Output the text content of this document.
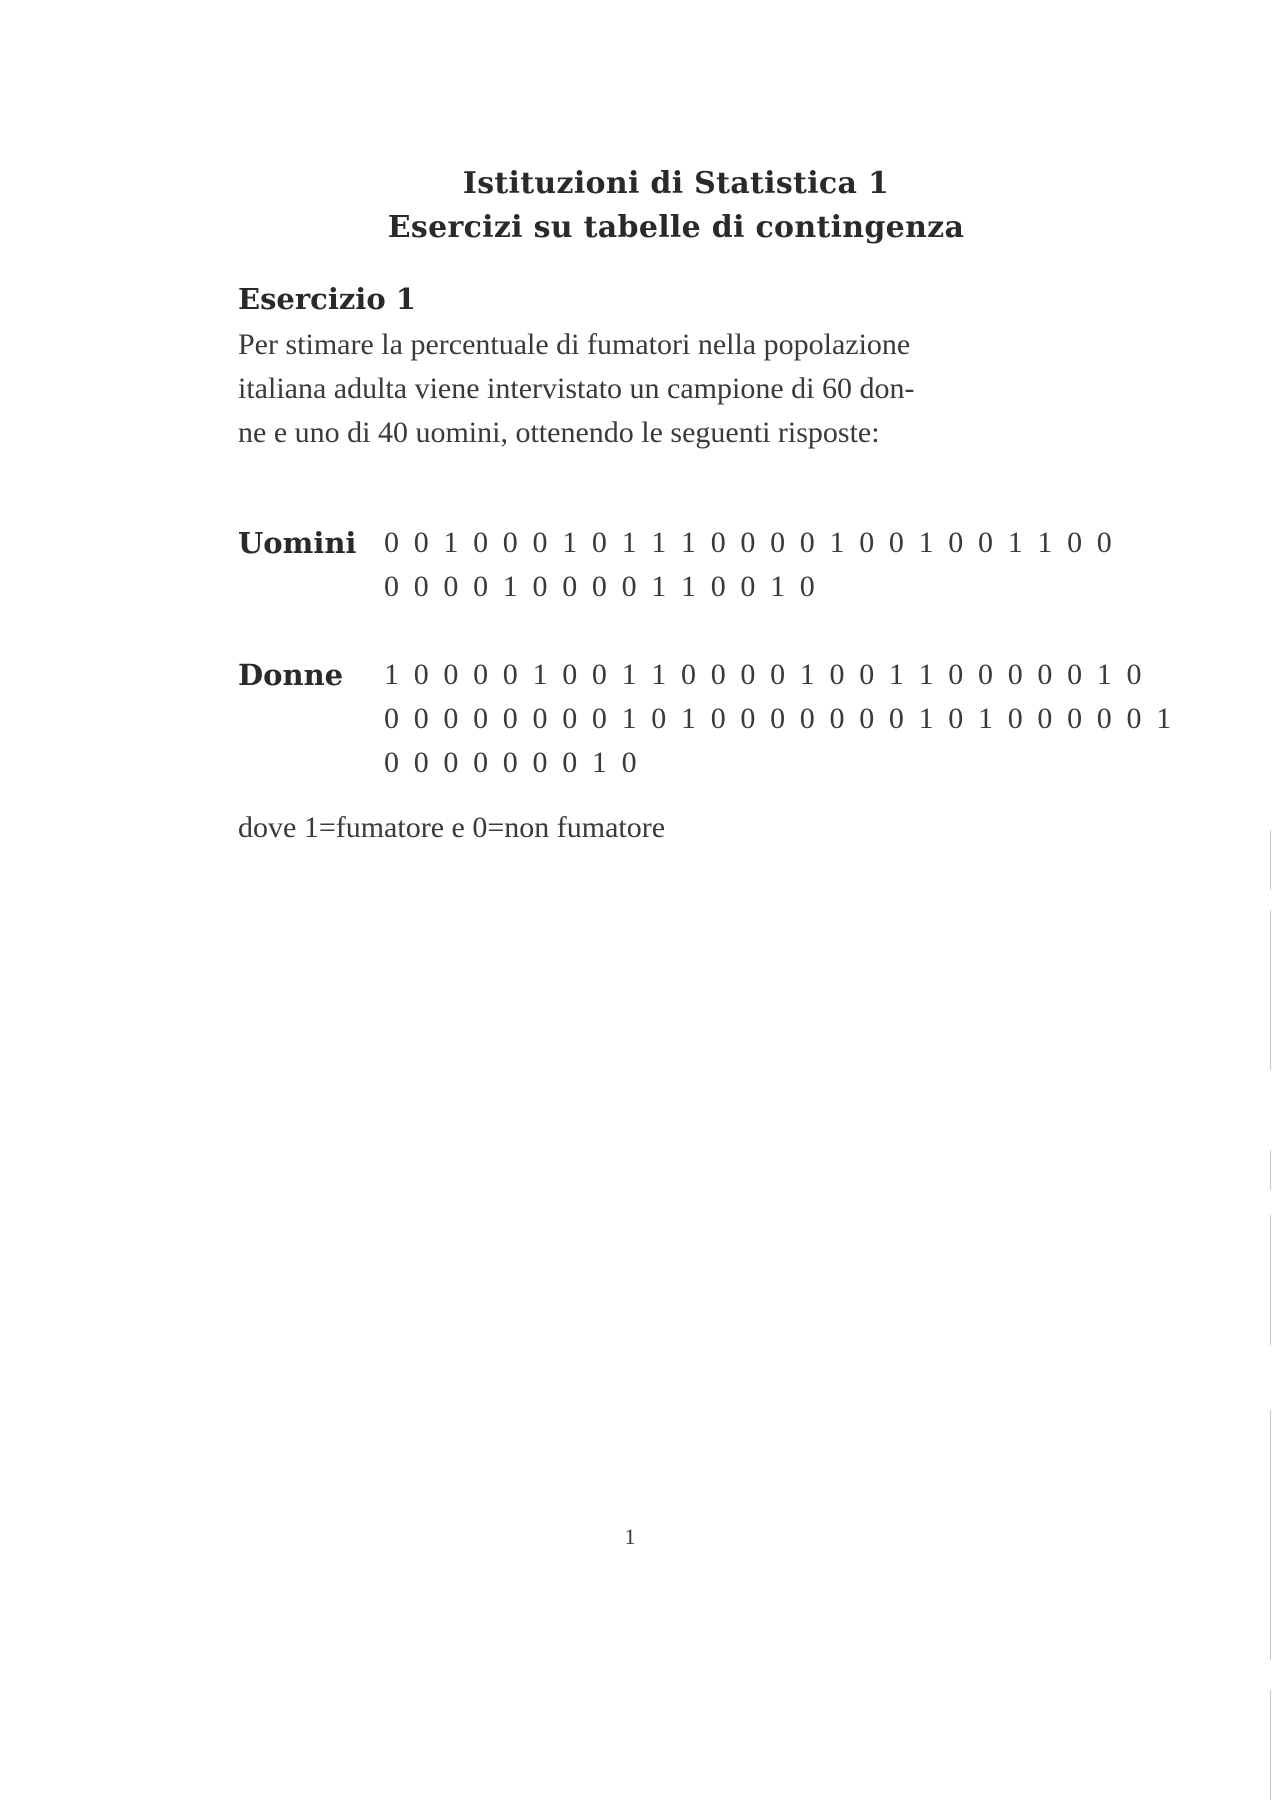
Istituzioni di Statistica 1
Esercizi su tabelle di contingenza
Esercizio 1
Per stimare la percentuale di fumatori nella popolazione
italiana adulta viene intervistato un campione di 60 don-
ne e uno di 40 uomini, ottenendo le seguenti risposte:
Uomini 0 0 1 0 0 0 1 0 1 1 1 0 0 0 0 1 0 0 1 0 0 1 1 0 0
0 0 0 0 1 0 0 0 0 1 1 0 0 1 0
Donne 1 0 0 0 0 1 0 0 1 1 0 0 0 0 1 0 0 1 1 0 0 0 0 0 1 0
0 0 0 0 0 0 0 0 1 0 1 0 0 0 0 0 0 0 1 0 1 0 0 0 0 0 1
0 0 0 0 0 0 0 1 0
dove 1=fumatore e 0=non fumatore
1
